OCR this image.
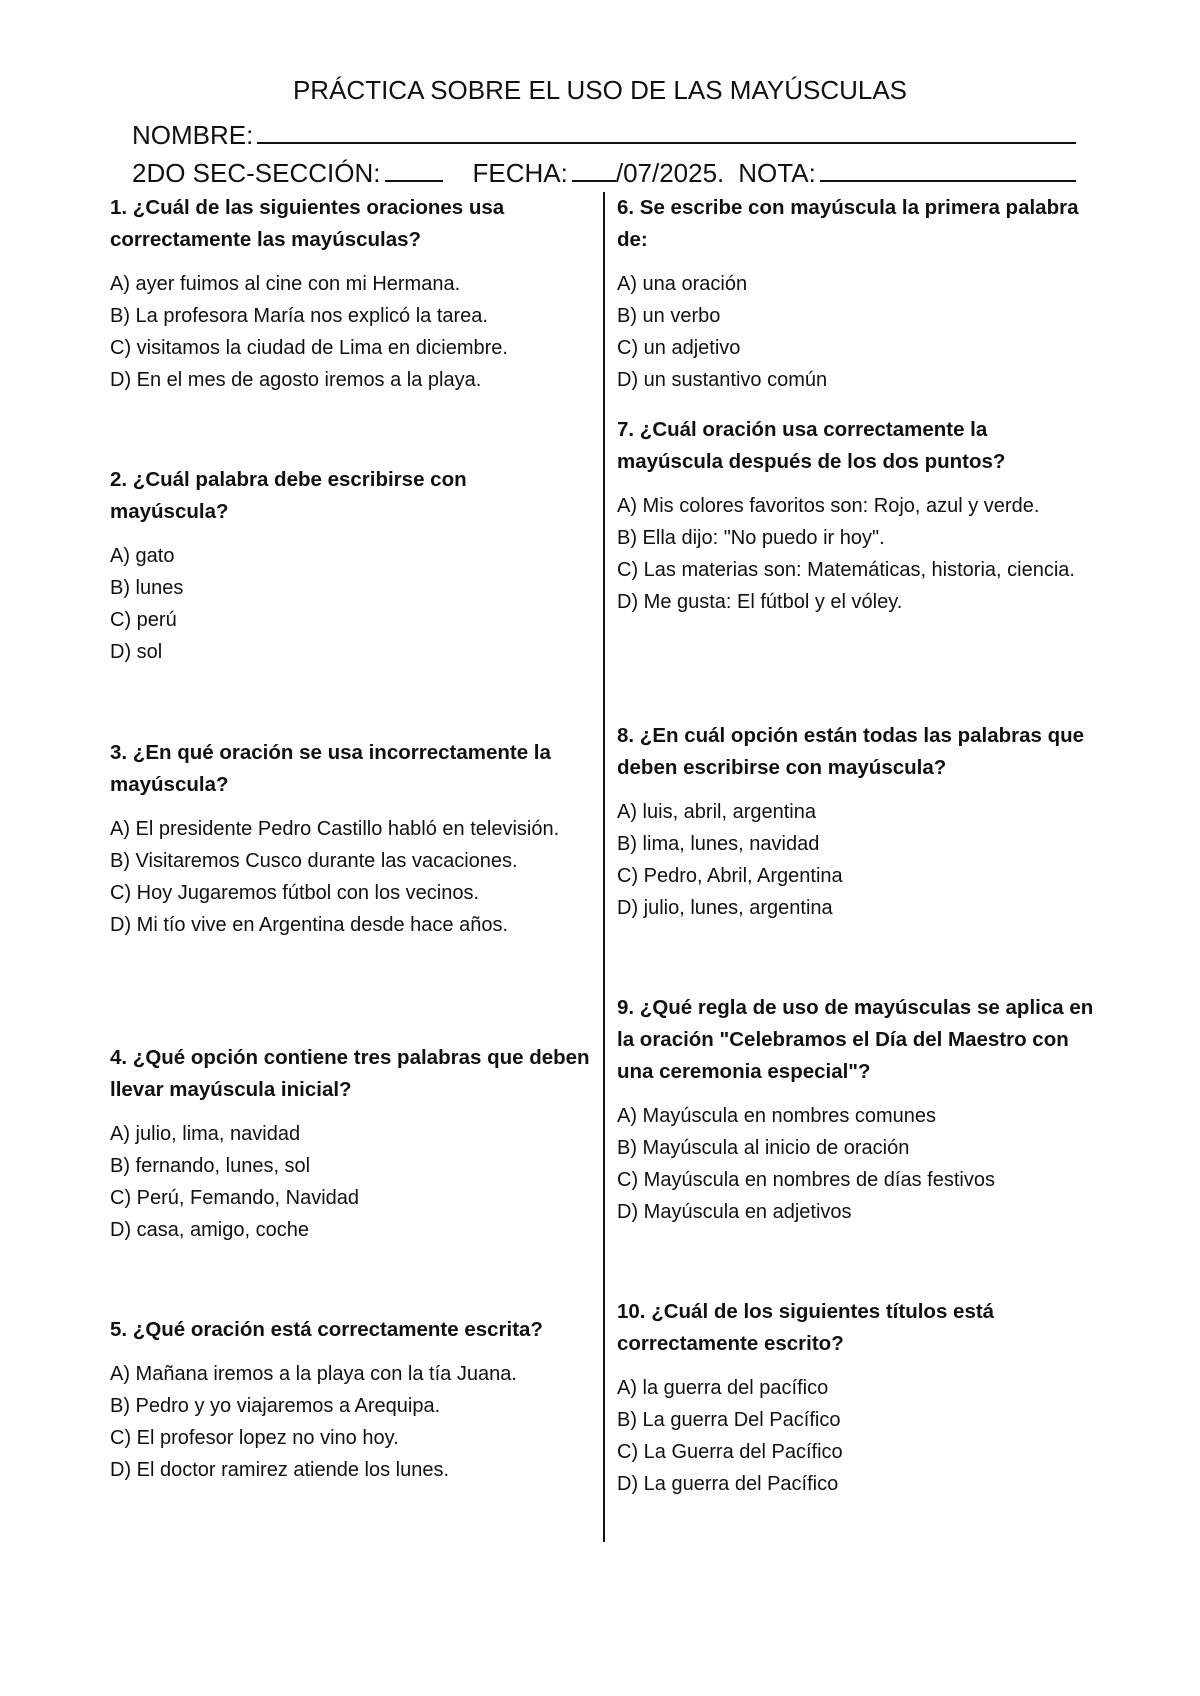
PRÁCTICA SOBRE EL USO DE LAS MAYÚSCULAS
NOMBRE:
2DO SEC-SECCIÓN:	FECHA: /07/2025. NOTA:

1. ¿Cuál de las siguientes oraciones usa correctamente las mayúsculas?

A) ayer fuimos al cine con mi Hermana.

B) La profesora María nos explicó la tarea.

C) visitamos la ciudad de Lima en diciembre.

D) En el mes de agosto iremos a la playa.

2. ¿Cuál palabra debe escribirse con mayúscula?

A) gato

B) lunes

C) perú

D) sol

3. ¿En qué oración se usa incorrectamente la mayúscula?

A) El presidente Pedro Castillo habló en televisión.

B) Visitaremos Cusco durante las vacaciones.

C) Hoy Jugaremos fútbol con los vecinos.

D) Mi tío vive en Argentina desde hace años.

4. ¿Qué opción contiene tres palabras que deben llevar mayúscula inicial?

A) julio, lima, navidad

B) fernando, lunes, sol

C) Perú, Femando, Navidad

D) casa, amigo, coche

5. ¿Qué oración está correctamente escrita?

A) Mañana iremos a la playa con la tía Juana.

B) Pedro y yo viajaremos a Arequipa.

C) El profesor lopez no vino hoy.

D) El doctor ramirez atiende los lunes.

6. Se escribe con mayúscula la primera palabra de:

A) una oración

B) un verbo

C) un adjetivo

D) un sustantivo común

7. ¿Cuál oración usa correctamente la mayúscula después de los dos puntos?

A) Mis colores favoritos son: Rojo, azul y verde.

B) Ella dijo: "No puedo ir hoy".

C) Las materias son: Matemáticas, historia, ciencia.

D) Me gusta: El fútbol y el vóley.

8. ¿En cuál opción están todas las palabras que deben escribirse con mayúscula?

A) luis, abril, argentina

B) lima, lunes, navidad

C) Pedro, Abril, Argentina

D) julio, lunes, argentina

9. ¿Qué regla de uso de mayúsculas se aplica en la oración "Celebramos el Día del Maestro con una ceremonia especial"?

A) Mayúscula en nombres comunes

B) Mayúscula al inicio de oración

C) Mayúscula en nombres de días festivos

D) Mayúscula en adjetivos

10. ¿Cuál de los siguientes títulos está correctamente escrito?

A) la guerra del pacífico

B) La guerra Del Pacífico

C) La Guerra del Pacífico

D) La guerra del Pacífico
